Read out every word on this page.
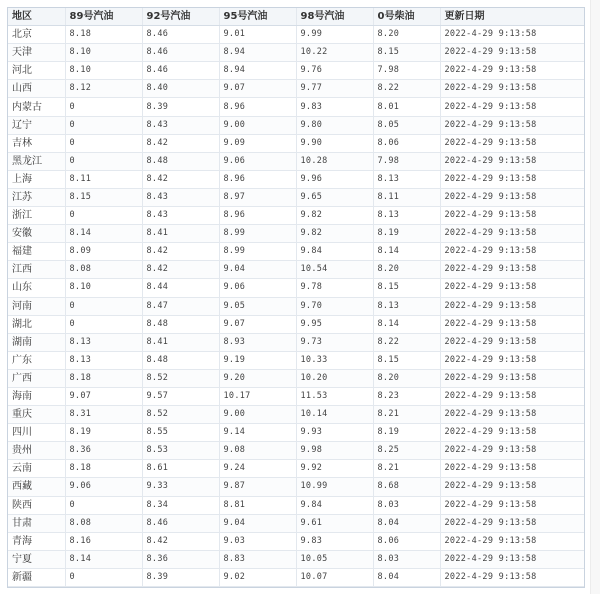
地区	89号汽油	92号汽油	95号汽油	98号汽油	0号柴油	更新日期
北京	8.18	8.46	9.01	9.99	8.20	2022-4-29 9:13:58
天津	8.10	8.46	8.94	10.22	8.15	2022-4-29 9:13:58
河北	8.10	8.46	8.94	9.76	7.98	2022-4-29 9:13:58
山西	8.12	8.40	9.07	9.77	8.22	2022-4-29 9:13:58
内蒙古	0	8.39	8.96	9.83	8.01	2022-4-29 9:13:58
辽宁	0	8.43	9.00	9.80	8.05	2022-4-29 9:13:58
吉林	0	8.42	9.09	9.90	8.06	2022-4-29 9:13:58
黑龙江	0	8.48	9.06	10.28	7.98	2022-4-29 9:13:58
上海	8.11	8.42	8.96	9.96	8.13	2022-4-29 9:13:58
江苏	8.15	8.43	8.97	9.65	8.11	2022-4-29 9:13:58
浙江	0	8.43	8.96	9.82	8.13	2022-4-29 9:13:58
安徽	8.14	8.41	8.99	9.82	8.19	2022-4-29 9:13:58
福建	8.09	8.42	8.99	9.84	8.14	2022-4-29 9:13:58
江西	8.08	8.42	9.04	10.54	8.20	2022-4-29 9:13:58
山东	8.10	8.44	9.06	9.78	8.15	2022-4-29 9:13:58
河南	0	8.47	9.05	9.70	8.13	2022-4-29 9:13:58
湖北	0	8.48	9.07	9.95	8.14	2022-4-29 9:13:58
湖南	8.13	8.41	8.93	9.73	8.22	2022-4-29 9:13:58
广东	8.13	8.48	9.19	10.33	8.15	2022-4-29 9:13:58
广西	8.18	8.52	9.20	10.20	8.20	2022-4-29 9:13:58
海南	9.07	9.57	10.17	11.53	8.23	2022-4-29 9:13:58
重庆	8.31	8.52	9.00	10.14	8.21	2022-4-29 9:13:58
四川	8.19	8.55	9.14	9.93	8.19	2022-4-29 9:13:58
贵州	8.36	8.53	9.08	9.98	8.25	2022-4-29 9:13:58
云南	8.18	8.61	9.24	9.92	8.21	2022-4-29 9:13:58
西藏	9.06	9.33	9.87	10.99	8.68	2022-4-29 9:13:58
陕西	0	8.34	8.81	9.84	8.03	2022-4-29 9:13:58
甘肃	8.08	8.46	9.04	9.61	8.04	2022-4-29 9:13:58
青海	8.16	8.42	9.03	9.83	8.06	2022-4-29 9:13:58
宁夏	8.14	8.36	8.83	10.05	8.03	2022-4-29 9:13:58
新疆	0	8.39	9.02	10.07	8.04	2022-4-29 9:13:58
